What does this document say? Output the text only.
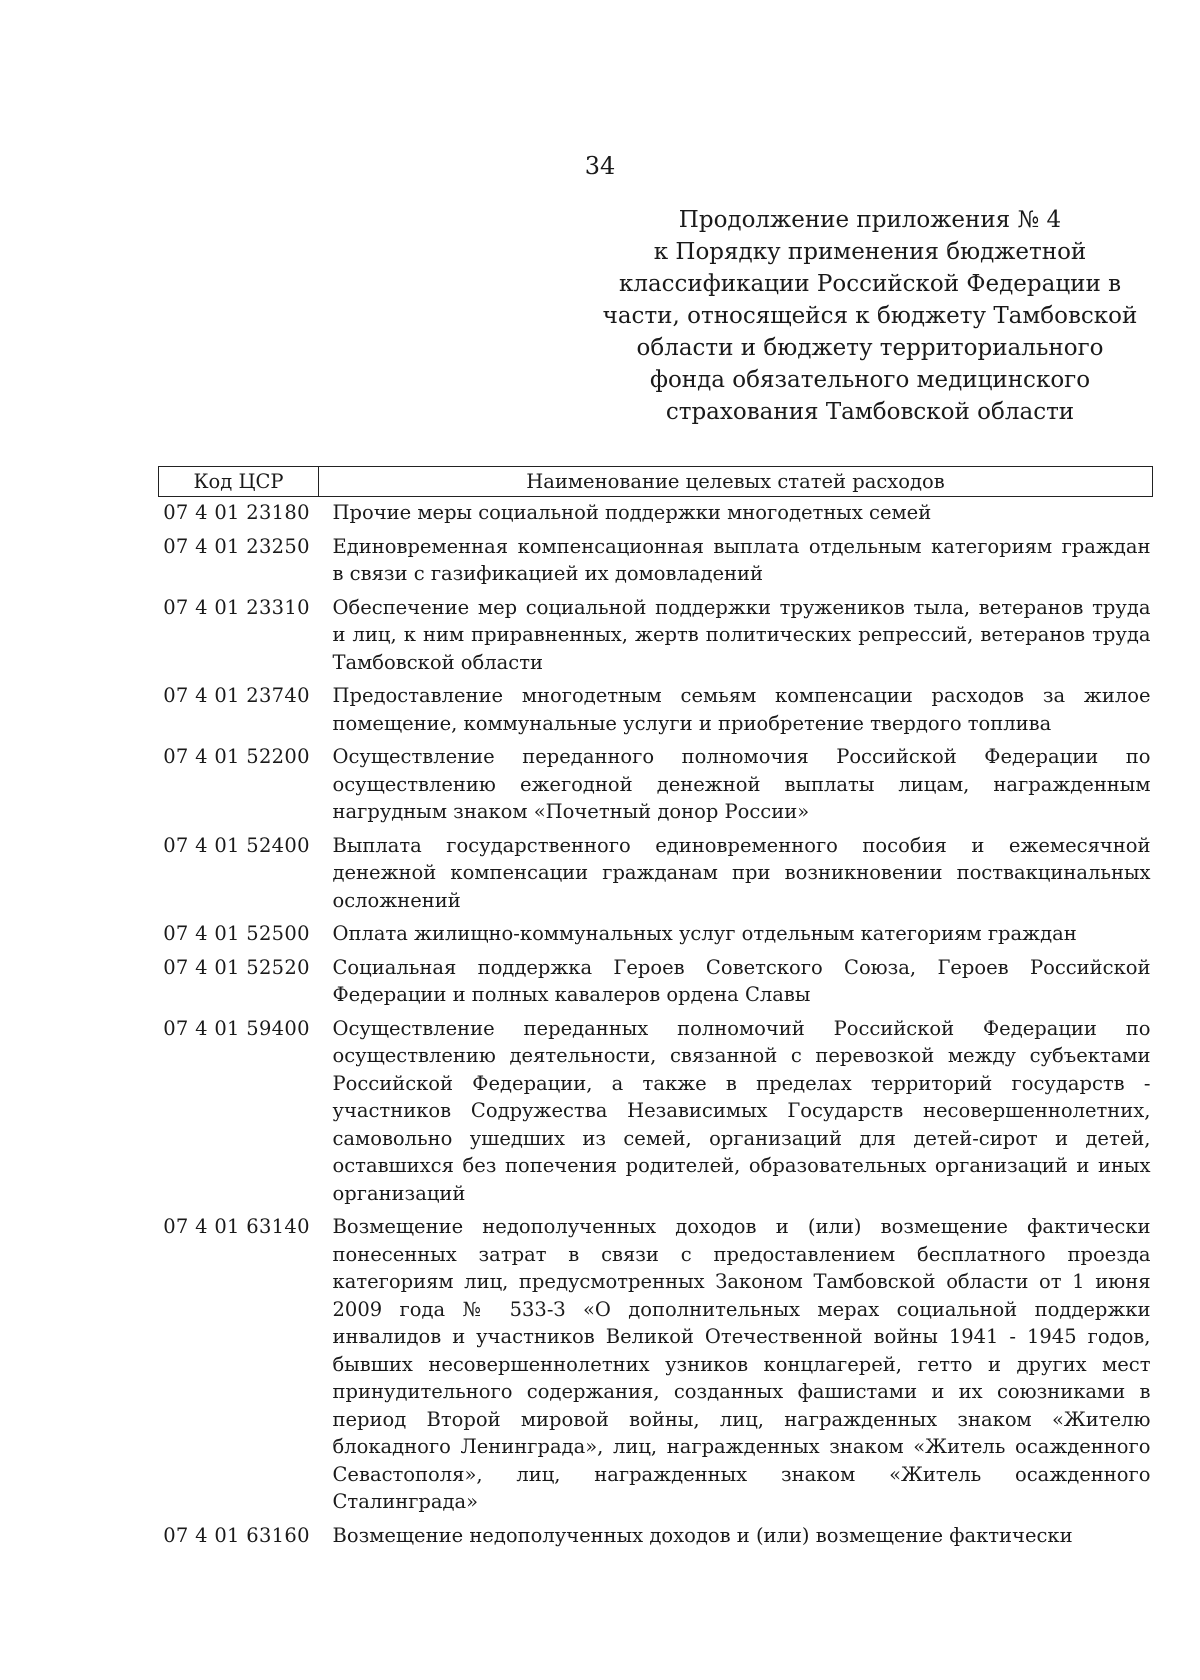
34
Продолжение приложения № 4
к Порядку применения бюджетной
классификации Российской Федерации в
части, относящейся к бюджету Тамбовской
области и бюджету территориального
фонда обязательного медицинского
страхования Тамбовской области
Код ЦСР	Наименование целевых статей расходов
07 4 01 23180	Прочие меры социальной поддержки многодетных семей
07 4 01 23250	Единовременная компенсационная выплата отдельным категориям граждан в связи с газификацией их домовладений
07 4 01 23310	Обеспечение мер социальной поддержки тружеников тыла, ветеранов труда и лиц, к ним приравненных, жертв политических репрессий, ветеранов труда Тамбовской области
07 4 01 23740	Предоставление многодетным семьям компенсации расходов за жилое помещение, коммунальные услуги и приобретение твердого топлива
07 4 01 52200	Осуществление переданного полномочия Российской Федерации по осуществлению ежегодной денежной выплаты лицам, награжденным нагрудным знаком «Почетный донор России»
07 4 01 52400	Выплата государственного единовременного пособия и ежемесячной денежной компенсации гражданам при возникновении поствакцинальных осложнений
07 4 01 52500	Оплата жилищно-коммунальных услуг отдельным категориям граждан
07 4 01 52520	Социальная поддержка Героев Советского Союза, Героев Российской Федерации и полных кавалеров ордена Славы
07 4 01 59400	Осуществление переданных полномочий Российской Федерации по осуществлению деятельности, связанной с перевозкой между субъектами Российской Федерации, а также в пределах территорий государств - участников Содружества Независимых Государств несовершеннолетних, самовольно ушедших из семей, организаций для детей-сирот и детей, оставшихся без попечения родителей, образовательных организаций и иных организаций
07 4 01 63140	Возмещение недополученных доходов и (или) возмещение фактически понесенных затрат в связи с предоставлением бесплатного проезда категориям лиц, предусмотренных Законом Тамбовской области от 1 июня 2009 года № 533-З «О дополнительных мерах социальной поддержки инвалидов и участников Великой Отечественной войны 1941 - 1945 годов, бывших несовершеннолетних узников концлагерей, гетто и других мест принудительного содержания, созданных фашистами и их союзниками в период Второй мировой войны, лиц, награжденных знаком «Жителю блокадного Ленинграда», лиц, награжденных знаком «Житель осажденного Севастополя», лиц, награжденных знаком «Житель осажденного Сталинграда»
07 4 01 63160	Возмещение недополученных доходов и (или) возмещение фактически
